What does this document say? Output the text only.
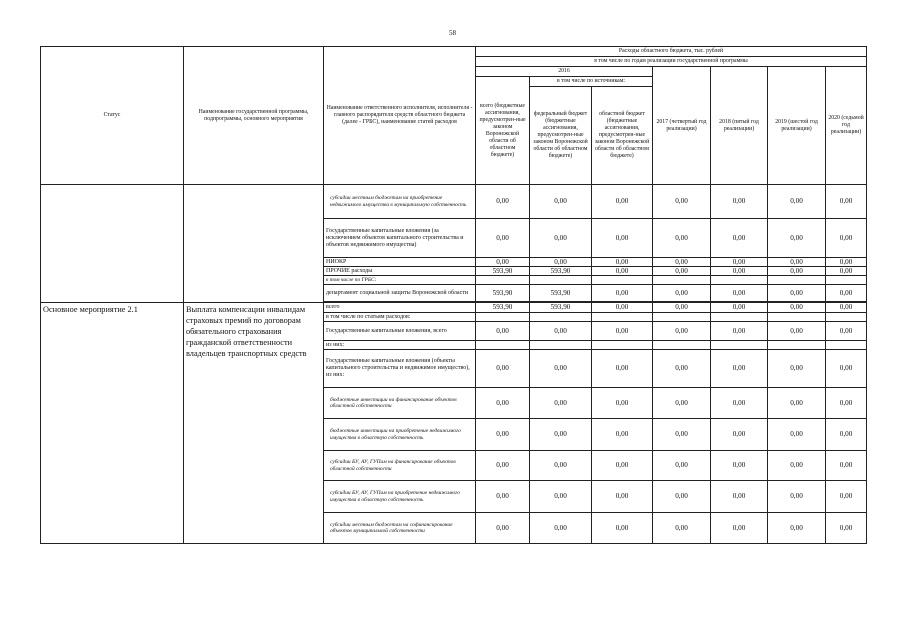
58
Статус	Наименование государственной программы, подпрограммы, основного мероприятия	Наименование ответственного исполнителя, исполнителя - главного распорядителя средств областного бюджета (далее - ГРБС), наименование статей расходов	Расходы областного бюджета, тыс. рублей						
			в том числе по годам реализации государственной программы						
			2016			2017 (четвертый год реализации)	2018 (пятый год реализации)	2019 (шестой год реализации)	2020 (седьмой год реализации)
			всего (бюджетные ассигнования, предусмотрен-ные законом Воронежской области об областном бюджете)	в том числе по источникам:					
				федеральный бюджет (бюджетные ассигнования, предусмотрен-ные законом Воронежской области об областном бюджете)	областной бюджет (бюджетные ассигнования, предусмотрен-ные законом Воронежской области об областном бюджете)				
		субсидии местным бюджетам на приобретение недвижимого имущества в муниципальную собственность	0,00	0,00	0,00	0,00	0,00	0,00	0,00
		Государственные капитальные вложения (за исключением объектов капитального строительства и объектов недвижимого имущества)	0,00	0,00	0,00	0,00	0,00	0,00	0,00
		НИОКР	0,00	0,00	0,00	0,00	0,00	0,00	0,00
		ПРОЧИЕ расходы	593,90	593,90	0,00	0,00	0,00	0,00	0,00
		в том числе по ГРБС:							
		департамент социальной защиты Воронежской области	593,90	593,90	0,00	0,00	0,00	0,00	0,00

Основное мероприятие 2.1	Выплата компенсации инвалидам страховых премий по договорам обязательного страхования гражданской ответственности владельцев транспортных средств	всего	593,90	593,90	0,00	0,00	0,00	0,00	0,00
		в том числе по статьям расходов:							
		Государственные капитальные вложения, всего	0,00	0,00	0,00	0,00	0,00	0,00	0,00
		из них:							
		Государственные капитальные вложения (объекты капитального строительства и недвижимое имущество), из них:	0,00	0,00	0,00	0,00	0,00	0,00	0,00
		бюджетные инвестиции на финансирование объектов областной собственности	0,00	0,00	0,00	0,00	0,00	0,00	0,00
		бюджетные инвестиции на приобретение недвижимого имущества в областную собственность	0,00	0,00	0,00	0,00	0,00	0,00	0,00
		субсидии БУ, АУ, ГУПам на финансирование объектов областной собственности	0,00	0,00	0,00	0,00	0,00	0,00	0,00
		субсидии БУ, АУ, ГУПам на приобретение недвижимого имущества в областную собственность	0,00	0,00	0,00	0,00	0,00	0,00	0,00
		субсидии местным бюджетам на софинансирование объектов муниципальной собственности	0,00	0,00	0,00	0,00	0,00	0,00	0,00
